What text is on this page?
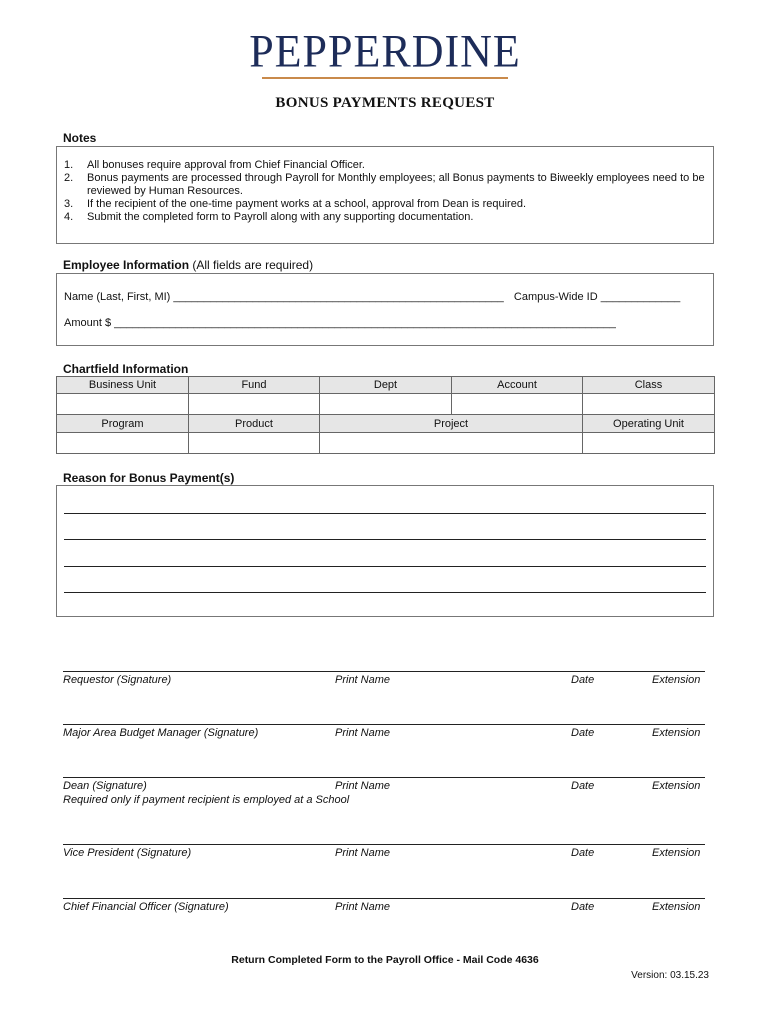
PEPPERDINE
BONUS PAYMENTS REQUEST
Notes
1. All bonuses require approval from Chief Financial Officer.
2. Bonus payments are processed through Payroll for Monthly employees; all Bonus payments to Biweekly employees need to be reviewed by Human Resources.
3. If the recipient of the one-time payment works at a school, approval from Dean is required.
4. Submit the completed form to Payroll along with any supporting documentation.
Employee Information (All fields are required)
Name (Last, First, MI) ______________________________________________________ Campus-Wide ID _____________
Amount $ __________________________________________________________________________________
Chartfield Information
Business Unit	Fund	Dept	Account	Class

Program	Product	Project		Operating Unit

Reason for Bonus Payment(s)
Requestor (Signature)	Print Name	Date	Extension
Major Area Budget Manager (Signature)	Print Name	Date	Extension
Dean (Signature)	Print Name	Date	Extension
Required only if payment recipient is employed at a School
Vice President (Signature)	Print Name	Date	Extension
Chief Financial Officer (Signature)	Print Name	Date	Extension
Return Completed Form to the Payroll Office - Mail Code 4636
Version: 03.15.23
